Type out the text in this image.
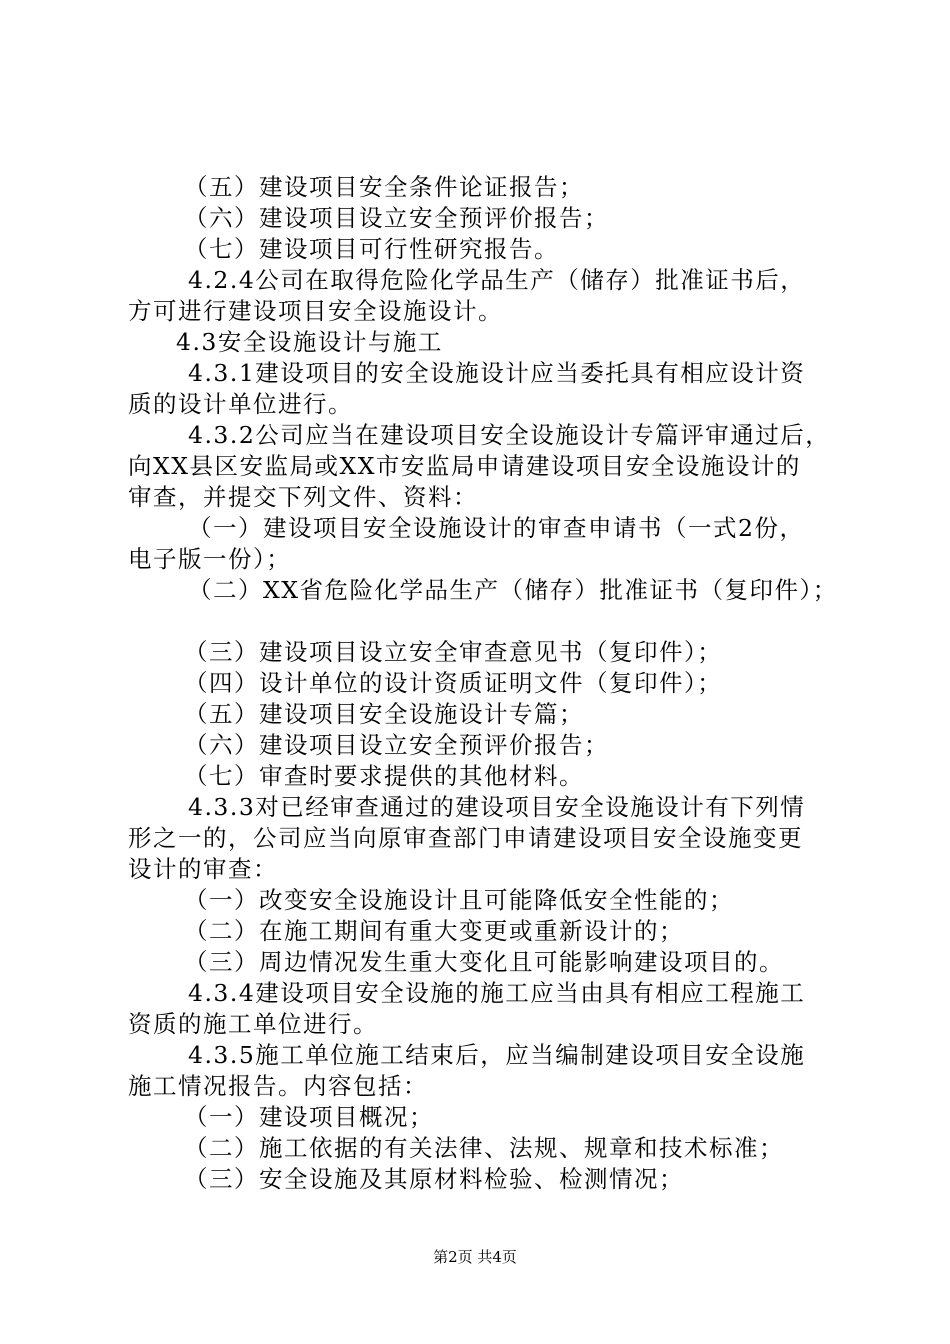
（五）建设项目安全条件论证报告；
（六）建设项目设立安全预评价报告；
（七）建设项目可行性研究报告。
4.2.4公司在取得危险化学品生产（储存）批准证书后，
方可进行建设项目安全设施设计。
4.3安全设施设计与施工
4.3.1建设项目的安全设施设计应当委托具有相应设计资
质的设计单位进行。
4.3.2公司应当在建设项目安全设施设计专篇评审通过后，
向XX县区安监局或XX市安监局申请建设项目安全设施设计的
审查，并提交下列文件、资料：
（一）建设项目安全设施设计的审查申请书（一式2份，
电子版一份）；
（二）XX省危险化学品生产（储存）批准证书（复印件）；
（三）建设项目设立安全审查意见书（复印件）；
（四）设计单位的设计资质证明文件（复印件）；
（五）建设项目安全设施设计专篇；
（六）建设项目设立安全预评价报告；
（七）审查时要求提供的其他材料。
4.3.3对已经审查通过的建设项目安全设施设计有下列情
形之一的，公司应当向原审查部门申请建设项目安全设施变更
设计的审查：
（一）改变安全设施设计且可能降低安全性能的；
（二）在施工期间有重大变更或重新设计的；
（三）周边情况发生重大变化且可能影响建设项目的。
4.3.4建设项目安全设施的施工应当由具有相应工程施工
资质的施工单位进行。
4.3.5施工单位施工结束后，应当编制建设项目安全设施
施工情况报告。内容包括：
（一）建设项目概况；
（二）施工依据的有关法律、法规、规章和技术标准；
（三）安全设施及其原材料检验、检测情况；
第2页 共4页
